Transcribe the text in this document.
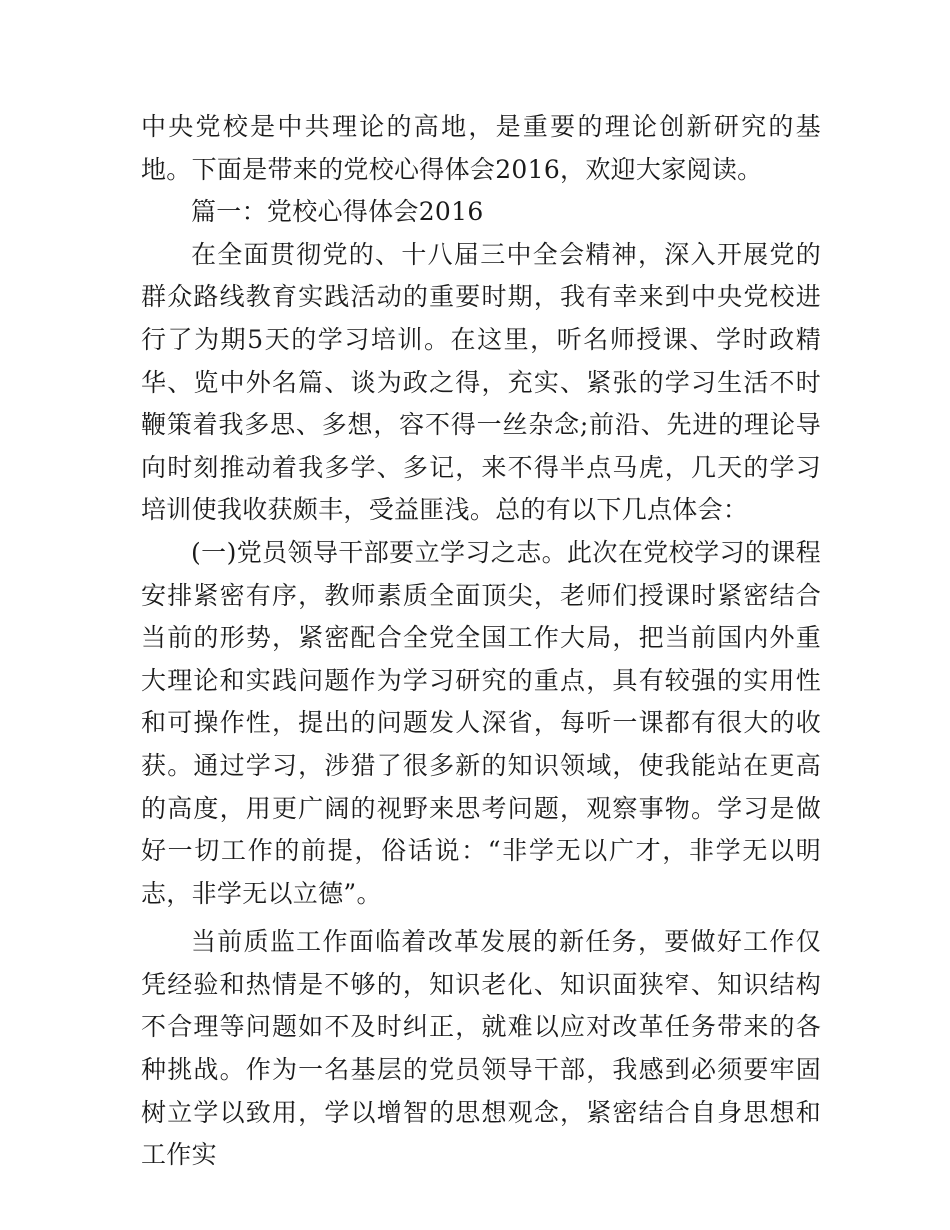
中央党校是中共理论的高地，是重要的理论创新研究的基地。下面是带来的党校心得体会2016，欢迎大家阅读。

篇一：党校心得体会2016

在全面贯彻党的、十八届三中全会精神，深入开展党的群众路线教育实践活动的重要时期，我有幸来到中央党校进行了为期5天的学习培训。在这里，听名师授课、学时政精华、览中外名篇、谈为政之得，充实、紧张的学习生活不时鞭策着我多思、多想，容不得一丝杂念;前沿、先进的理论导向时刻推动着我多学、多记，来不得半点马虎，几天的学习培训使我收获颇丰，受益匪浅。总的有以下几点体会：

(一)党员领导干部要立学习之志。此次在党校学习的课程安排紧密有序，教师素质全面顶尖，老师们授课时紧密结合当前的形势，紧密配合全党全国工作大局，把当前国内外重大理论和实践问题作为学习研究的重点，具有较强的实用性和可操作性，提出的问题发人深省，每听一课都有很大的收获。通过学习，涉猎了很多新的知识领域，使我能站在更高的高度，用更广阔的视野来思考问题，观察事物。学习是做好一切工作的前提，俗话说：“非学无以广才，非学无以明志，非学无以立德”。

当前质监工作面临着改革发展的新任务，要做好工作仅凭经验和热情是不够的，知识老化、知识面狭窄、知识结构不合理等问题如不及时纠正，就难以应对改革任务带来的各种挑战。作为一名基层的党员领导干部，我感到必须要牢固树立学以致用，学以增智的思想观念，紧密结合自身思想和工作实
